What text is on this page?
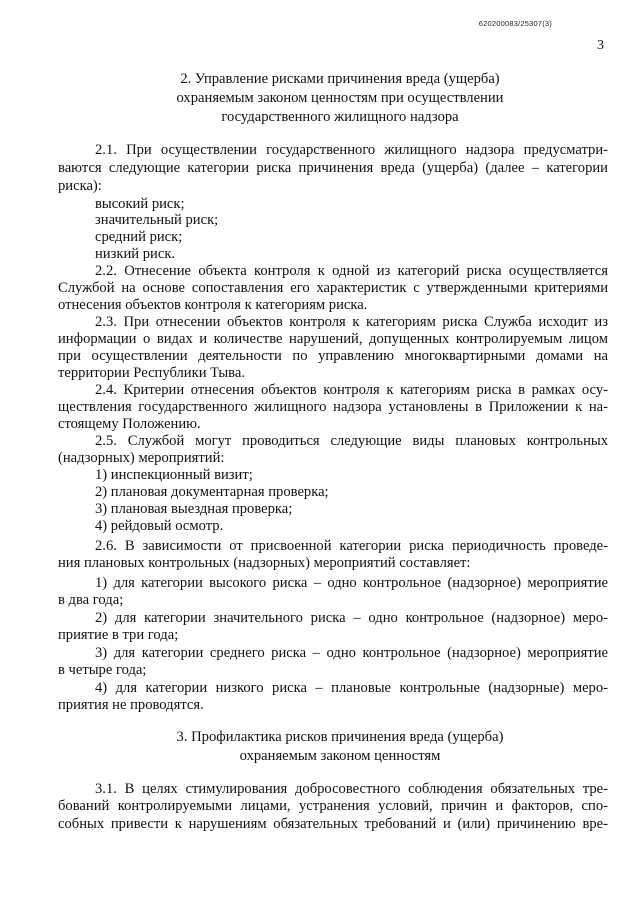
620200083/25307(3)
3
2. Управление рисками причинения вреда (ущерба)
охраняемым законом ценностям при осуществлении
государственного жилищного надзора
2.1. При осуществлении государственного жилищного надзора предусматри-
ваются следующие категории риска причинения вреда (ущерба) (далее – категории
риска):
высокий риск;
значительный риск;
средний риск;
низкий риск.
2.2. Отнесение объекта контроля к одной из категорий риска осуществляется
Службой на основе сопоставления его характеристик с утвержденными критериями
отнесения объектов контроля к категориям риска.
2.3. При отнесении объектов контроля к категориям риска Служба исходит из
информации о видах и количестве нарушений, допущенных контролируемым лицом
при осуществлении деятельности по управлению многоквартирными домами на
территории Республики Тыва.
2.4. Критерии отнесения объектов контроля к категориям риска в рамках осу-
ществления государственного жилищного надзора установлены в Приложении к на-
стоящему Положению.
2.5. Службой могут проводиться следующие виды плановых контрольных
(надзорных) мероприятий:
1) инспекционный визит;
2) плановая документарная проверка;
3) плановая выездная проверка;
4) рейдовый осмотр.
2.6. В зависимости от присвоенной категории риска периодичность проведе-
ния плановых контрольных (надзорных) мероприятий составляет:
1) для категории высокого риска – одно контрольное (надзорное) мероприятие
в два года;
2) для категории значительного риска – одно контрольное (надзорное) меро-
приятие в три года;
3) для категории среднего риска – одно контрольное (надзорное) мероприятие
в четыре года;
4) для категории низкого риска – плановые контрольные (надзорные) меро-
приятия не проводятся.
3. Профилактика рисков причинения вреда (ущерба)
охраняемым законом ценностям
3.1. В целях стимулирования добросовестного соблюдения обязательных тре-
бований контролируемыми лицами, устранения условий, причин и факторов, спо-
собных привести к нарушениям обязательных требований и (или) причинению вре-
